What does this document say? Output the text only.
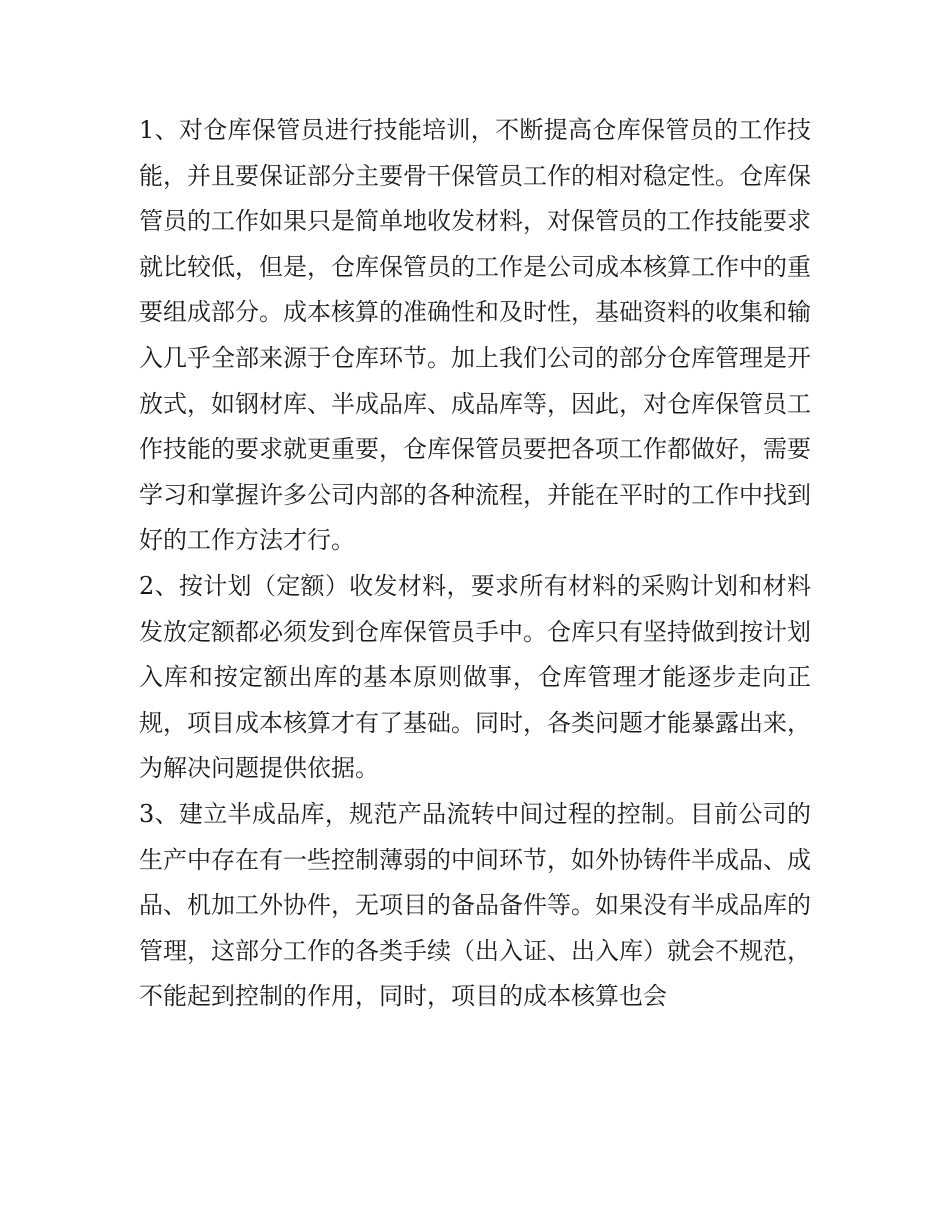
1、对仓库保管员进行技能培训，不断提高仓库保管员的工作技能，并且要保证部分主要骨干保管员工作的相对稳定性。仓库保管员的工作如果只是简单地收发材料，对保管员的工作技能要求就比较低，但是，仓库保管员的工作是公司成本核算工作中的重要组成部分。成本核算的准确性和及时性，基础资料的收集和输入几乎全部来源于仓库环节。加上我们公司的部分仓库管理是开放式，如钢材库、半成品库、成品库等，因此，对仓库保管员工作技能的要求就更重要，仓库保管员要把各项工作都做好，需要学习和掌握许多公司内部的各种流程，并能在平时的工作中找到好的工作方法才行。

2、按计划（定额）收发材料，要求所有材料的采购计划和材料发放定额都必须发到仓库保管员手中。仓库只有坚持做到按计划入库和按定额出库的基本原则做事，仓库管理才能逐步走向正规，项目成本核算才有了基础。同时，各类问题才能暴露出来，为解决问题提供依据。

3、建立半成品库，规范产品流转中间过程的控制。目前公司的生产中存在有一些控制薄弱的中间环节，如外协铸件半成品、成品、机加工外协件，无项目的备品备件等。如果没有半成品库的管理，这部分工作的各类手续（出入证、出入库）就会不规范，不能起到控制的作用，同时，项目的成本核算也会
